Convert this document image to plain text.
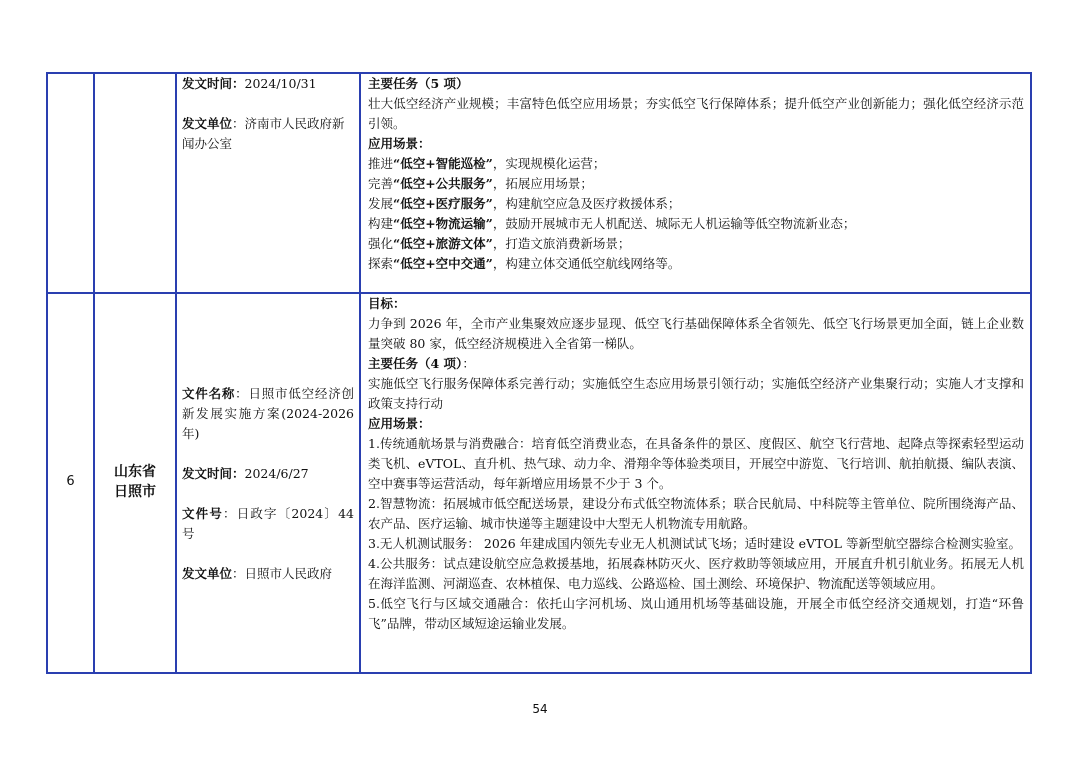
发文时间：2024/10/31
发文单位：济南市人民政府新闻办公室
主要任务（5 项）
壮大低空经济产业规模；丰富特色低空应用场景；夯实低空飞行保障体系；提升低空产业创新能力；强化低空经济示范引领。
应用场景：
推进“低空+智能巡检”，实现规模化运营；
完善“低空+公共服务”，拓展应用场景；
发展“低空+医疗服务”，构建航空应急及医疗救援体系；
构建“低空+物流运输”，鼓励开展城市无人机配送、城际无人机运输等低空物流新业态；
强化“低空+旅游文体”，打造文旅消费新场景；
探索“低空+空中交通”，构建立体交通低空航线网络等。
6
山东省
日照市
文件名称：日照市低空经济创新发展实施方案(2024-2026 年)
发文时间：2024/6/27
文件号：日政字〔2024〕44 号
发文单位：日照市人民政府
目标：
力争到 2026 年，全市产业集聚效应逐步显现、低空飞行基础保障体系全省领先、低空飞行场景更加全面，链上企业数量突破 80 家，低空经济规模进入全省第一梯队。
主要任务（4 项）：
实施低空飞行服务保障体系完善行动；实施低空生态应用场景引领行动；实施低空经济产业集聚行动；实施人才支撑和政策支持行动
应用场景：
1.传统通航场景与消费融合：培育低空消费业态，在具备条件的景区、度假区、航空飞行营地、起降点等探索轻型运动类飞机、eVTOL、直升机、热气球、动力伞、滑翔伞等体验类项目，开展空中游览、飞行培训、航拍航摄、编队表演、空中赛事等运营活动，每年新增应用场景不少于 3 个。
2.智慧物流：拓展城市低空配送场景，建设分布式低空物流体系；联合民航局、中科院等主管单位、院所围绕海产品、农产品、医疗运输、城市快递等主题建设中大型无人机物流专用航路。
3.无人机测试服务： 2026 年建成国内领先专业无人机测试试飞场；适时建设 eVTOL 等新型航空器综合检测实验室。
4.公共服务：试点建设航空应急救援基地，拓展森林防灭火、医疗救助等领域应用，开展直升机引航业务。拓展无人机在海洋监测、河湖巡查、农林植保、电力巡线、公路巡检、国土测绘、环境保护、物流配送等领域应用。
5.低空飞行与区域交通融合：依托山字河机场、岚山通用机场等基础设施，开展全市低空经济交通规划，打造“环鲁飞”品牌，带动区域短途运输业发展。
54
